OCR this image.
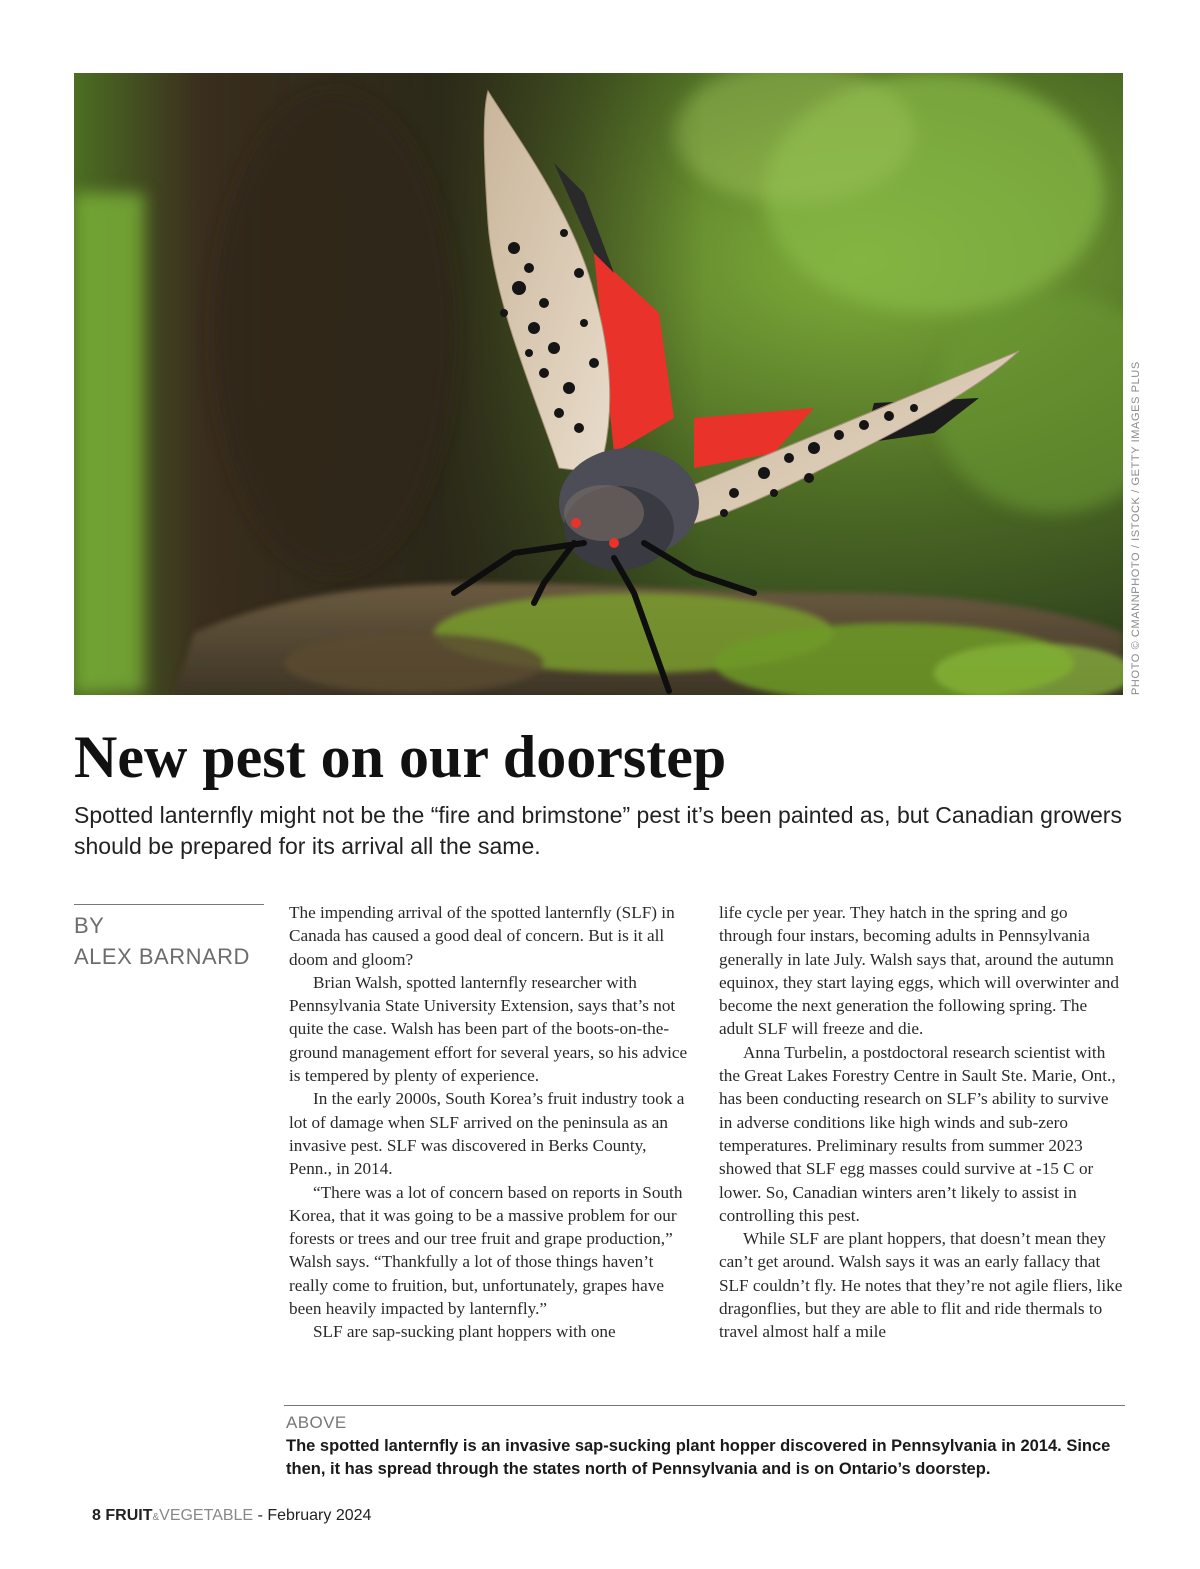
PHOTO © CMANNPHOTO / ISTOCK / GETTY IMAGES PLUS
New pest on our doorstep
Spotted lanternfly might not be the “fire and brimstone” pest it’s been painted as, but Canadian growers should be prepared for its arrival all the same.
BY
ALEX BARNARD

The impending arrival of the spotted lanternfly (SLF) in Canada has caused a good deal of concern. But is it all doom and gloom?

Brian Walsh, spotted lanternfly researcher with Pennsylvania State University Extension, says that’s not quite the case. Walsh has been part of the boots-on-the-ground management effort for several years, so his advice is tempered by plenty of experience.

In the early 2000s, South Korea’s fruit industry took a lot of damage when SLF arrived on the peninsula as an invasive pest. SLF was discovered in Berks County, Penn., in 2014.

“There was a lot of concern based on reports in South Korea, that it was going to be a massive problem for our forests or trees and our tree fruit and grape production,” Walsh says. “Thankfully a lot of those things haven’t really come to fruition, but, unfortunately, grapes have been heavily impacted by lanternfly.”

SLF are sap-sucking plant hoppers with one

life cycle per year. They hatch in the spring and go through four instars, becoming adults in Pennsylvania generally in late July. Walsh says that, around the autumn equinox, they start laying eggs, which will overwinter and become the next generation the following spring. The adult SLF will freeze and die.

Anna Turbelin, a postdoctoral research scientist with the Great Lakes Forestry Centre in Sault Ste. Marie, Ont., has been conducting research on SLF’s ability to survive in adverse conditions like high winds and sub-zero temperatures. Preliminary results from summer 2023 showed that SLF egg masses could survive at -15 C or lower. So, Canadian winters aren’t likely to assist in controlling this pest.

While SLF are plant hoppers, that doesn’t mean they can’t get around. Walsh says it was an early fallacy that SLF couldn’t fly. He notes that they’re not agile fliers, like dragonflies, but they are able to flit and ride thermals to travel almost half a mile

ABOVE
The spotted lanternfly is an invasive sap-sucking plant hopper discovered in Pennsylvania in 2014. Since then, it has spread through the states north of Pennsylvania and is on Ontario’s doorstep.
8 FRUIT&VEGETABLE - February 2024
